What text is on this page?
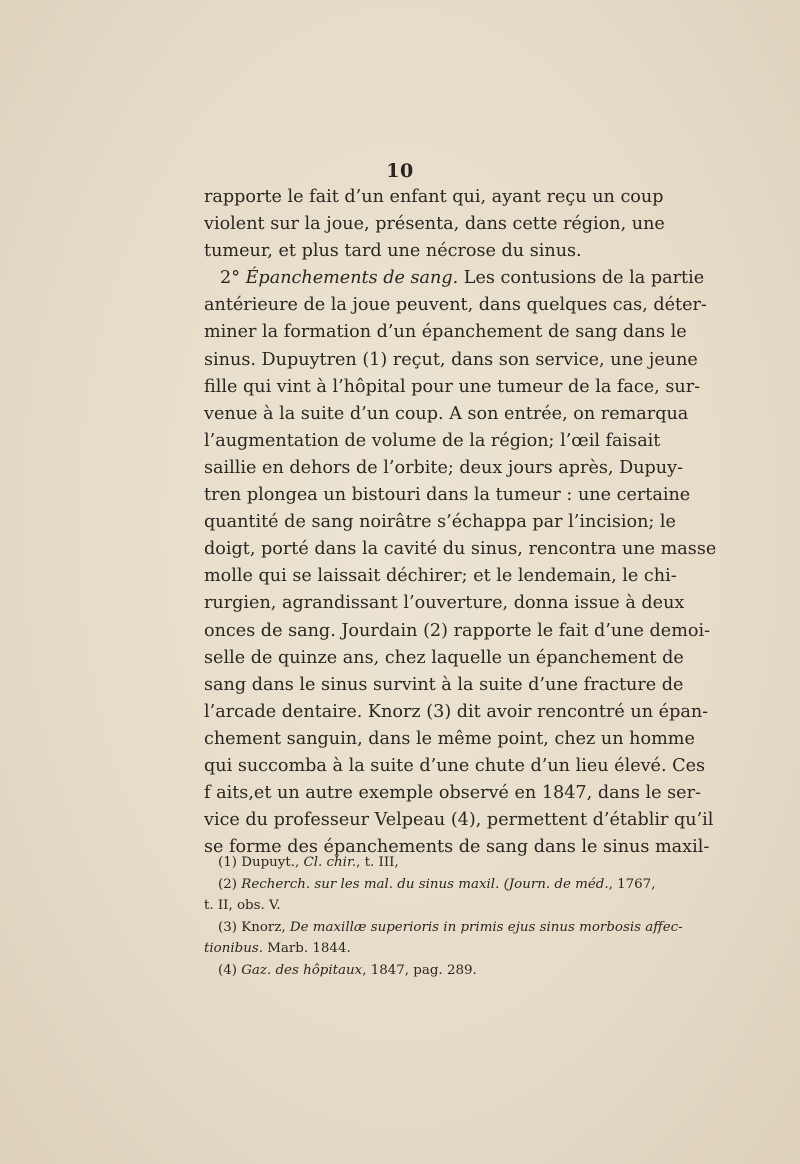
10

rapporte le fait d’un enfant qui, ayant reçu un coup
violent sur la joue, présenta, dans cette région, une
tumeur, et plus tard une nécrose du sinus.
2° Épanchements de sang. Les contusions de la partie
antérieure de la joue peuvent, dans quelques cas, déter-
miner la formation d’un épanchement de sang dans le
sinus. Dupuytren (1) reçut, dans son service, une jeune
fille qui vint à l’hôpital pour une tumeur de la face, sur-
venue à la suite d’un coup. A son entrée, on remarqua
l’augmentation de volume de la région; l’œil faisait
saillie en dehors de l’orbite; deux jours après, Dupuy-
tren plongea un bistouri dans la tumeur : une certaine
quantité de sang noirâtre s’échappa par l’incision; le
doigt, porté dans la cavité du sinus, rencontra une masse
molle qui se laissait déchirer; et le lendemain, le chi-
rurgien, agrandissant l’ouverture, donna issue à deux
onces de sang. Jourdain (2) rapporte le fait d’une demoi-
selle de quinze ans, chez laquelle un épanchement de
sang dans le sinus survint à la suite d’une fracture de
l’arcade dentaire. Knorz (3) dit avoir rencontré un épan-
chement sanguin, dans le même point, chez un homme
qui succomba à la suite d’une chute d’un lieu élevé. Ces
f aits,et un autre exemple observé en 1847, dans le ser-
vice du professeur Velpeau (4), permettent d’établir qu’il
se forme des épanchements de sang dans le sinus maxil-
(1) Dupuyt., Cl. chir., t. III,
(2) Recherch. sur les mal. du sinus maxil. (Journ. de méd., 1767,
t. II, obs. V.
(3) Knorz, De maxillæ superioris in primis ejus sinus morbosis affec-
tionibus. Marb. 1844.
(4) Gaz. des hôpitaux, 1847, pag. 289.
